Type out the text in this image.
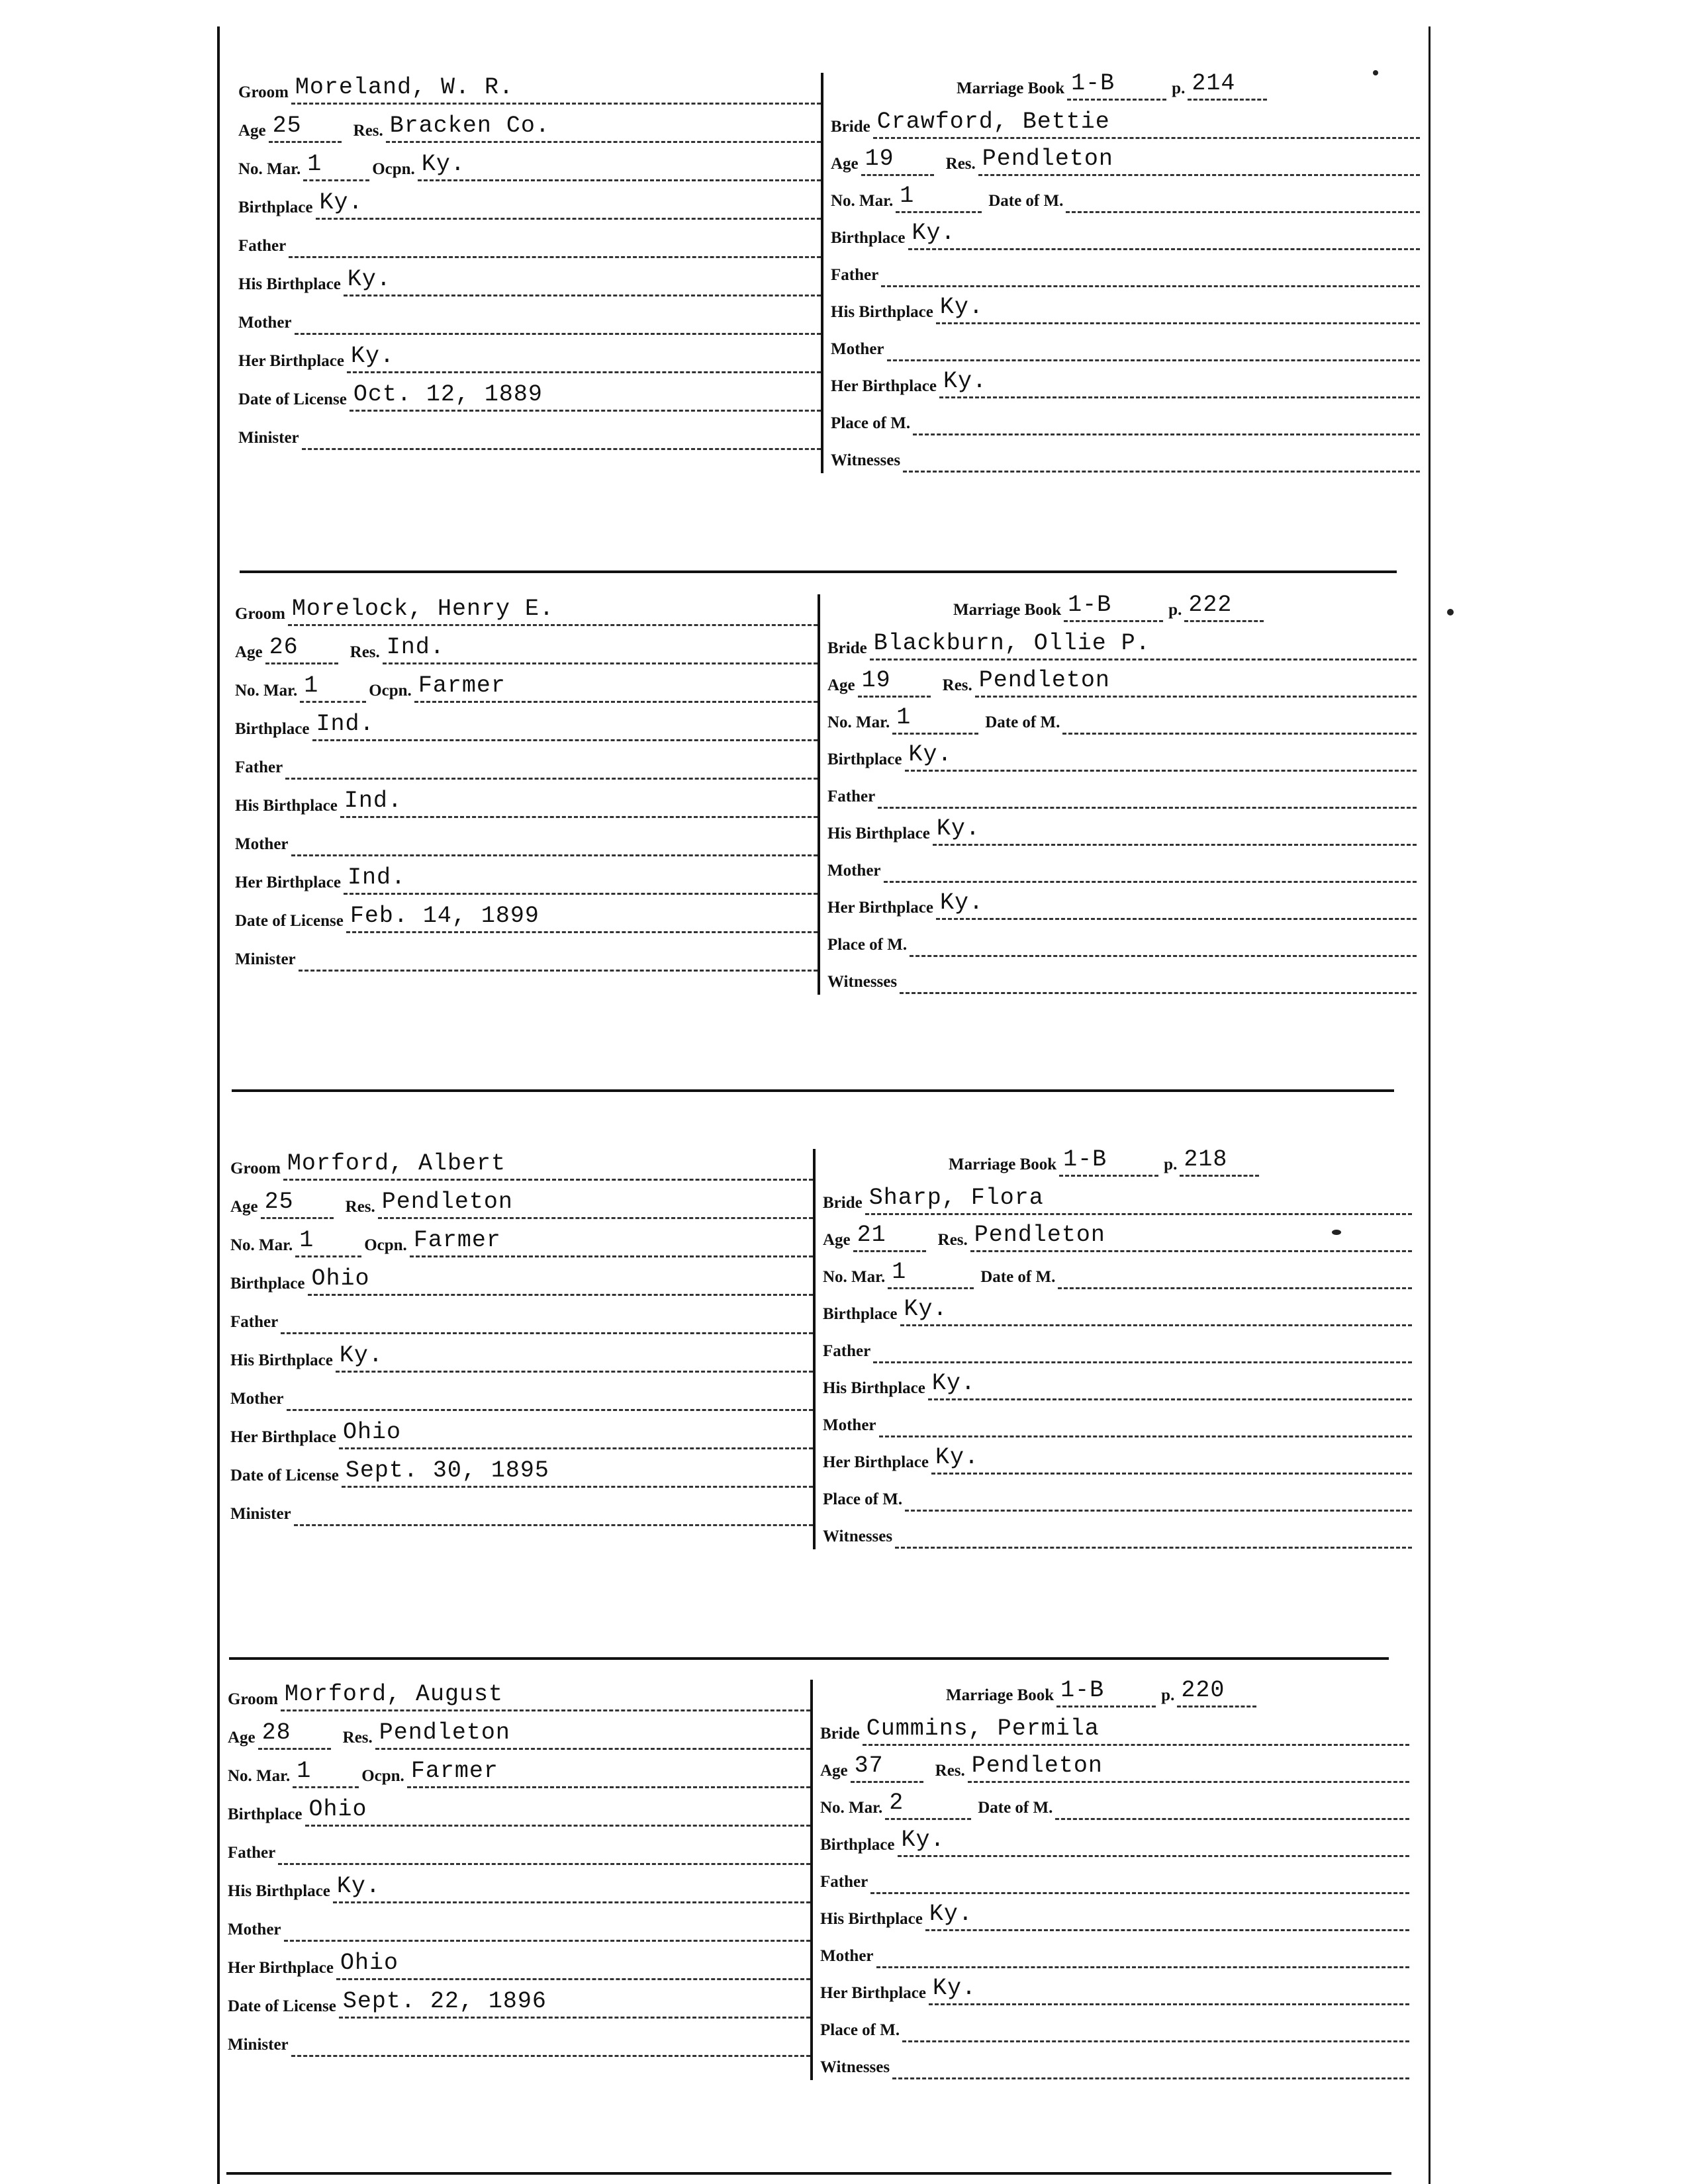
Groom Moreland, W. R.
Age 25	Res. Bracken Co.
No. Mar. 1	Ocpn. Ky.
Birthplace Ky.
Father
His Birthplace Ky.
Mother
Her Birthplace Ky.
Date of License Oct. 12, 1889
Minister
Marriage Book 1-B	p. 214
Bride Crawford, Bettie
Age 19	Res. Pendleton
No. Mar. 1	Date of M.
Birthplace Ky.
Father
His Birthplace Ky.
Mother
Her Birthplace Ky.
Place of M.
Witnesses
Groom Morelock, Henry E.
Age 26	Res. Ind.
No. Mar. 1	Ocpn. Farmer
Birthplace Ind.
Father
His Birthplace Ind.
Mother
Her Birthplace Ind.
Date of License Feb. 14, 1899
Minister
Marriage Book 1-B	p. 222
Bride Blackburn, Ollie P.
Age 19	Res. Pendleton
No. Mar. 1	Date of M.
Birthplace Ky.
Father
His Birthplace Ky.
Mother
Her Birthplace Ky.
Place of M.
Witnesses
Groom Morford, Albert
Age 25	Res. Pendleton
No. Mar. 1	Ocpn. Farmer
Birthplace Ohio
Father
His Birthplace Ky.
Mother
Her Birthplace Ohio
Date of License Sept. 30, 1895
Minister
Marriage Book 1-B	p. 218
Bride Sharp, Flora
Age 21	Res. Pendleton
No. Mar. 1	Date of M.
Birthplace Ky.
Father
His Birthplace Ky.
Mother
Her Birthplace Ky.
Place of M.
Witnesses
Groom Morford, August
Age 28	Res. Pendleton
No. Mar. 1	Ocpn. Farmer
Birthplace Ohio
Father
His Birthplace Ky.
Mother
Her Birthplace Ohio
Date of License Sept. 22, 1896
Minister
Marriage Book 1-B	p. 220
Bride Cummins, Permila
Age 37	Res. Pendleton
No. Mar. 2	Date of M.
Birthplace Ky.
Father
His Birthplace Ky.
Mother
Her Birthplace Ky.
Place of M.
Witnesses
